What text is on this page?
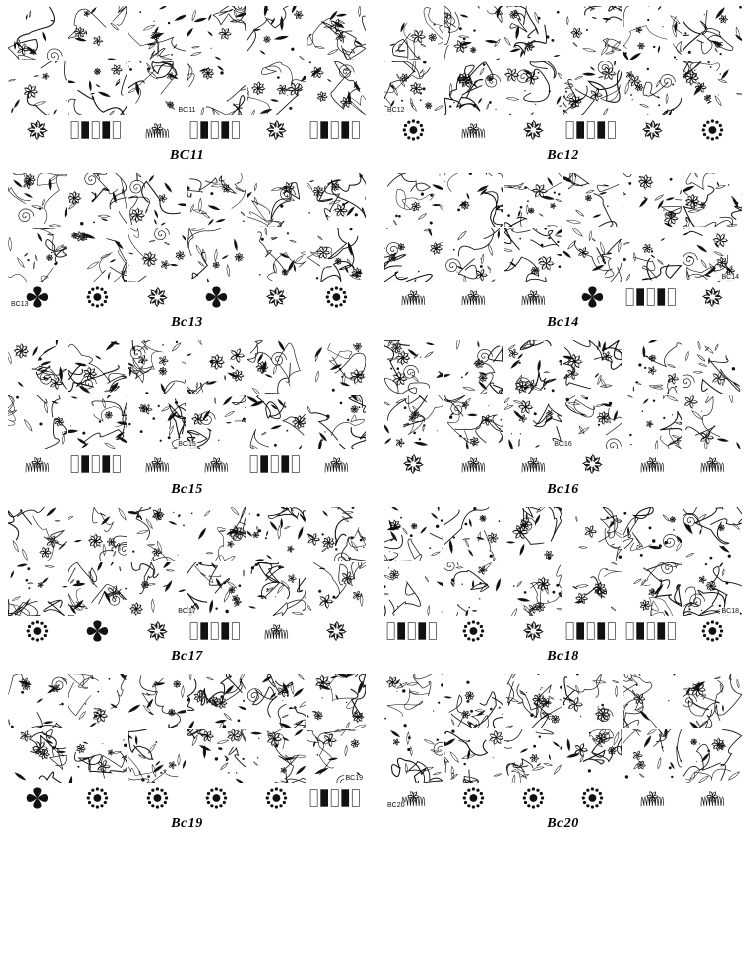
BC11
BC11
BC12
Bc12
BC13
Bc13
BC14
Bc14
BC15
Bc15
BC16
Bc16
BC17
Bc17
BC18
Bc18
BC19
Bc19
BC20
Bc20
